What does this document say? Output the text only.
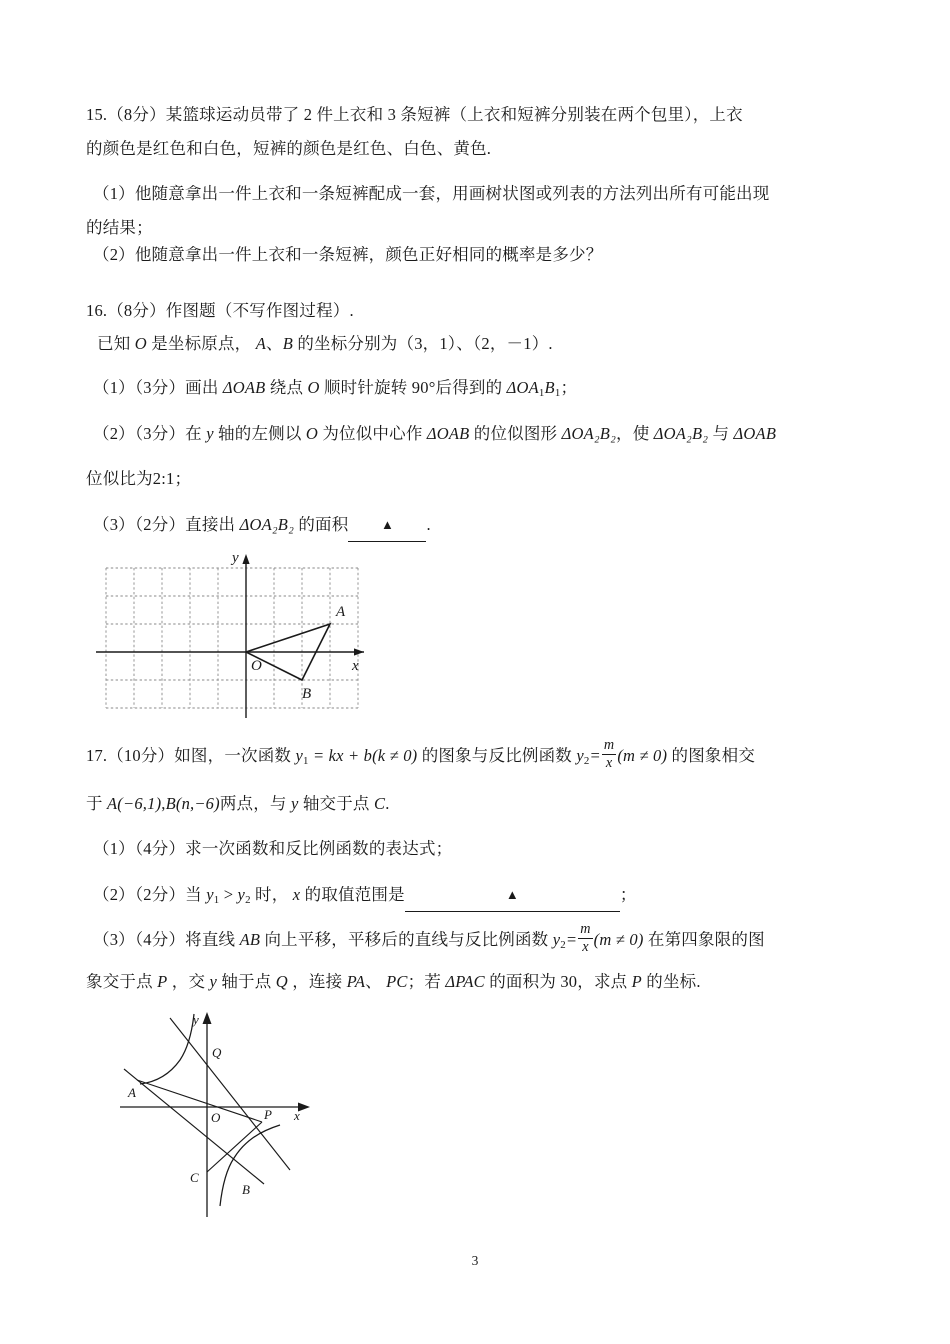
15.（8分）某篮球运动员带了 2 件上衣和 3 条短裤（上衣和短裤分别装在两个包里），上衣
的颜色是红色和白色，短裤的颜色是红色、白色、黄色.
（1）他随意拿出一件上衣和一条短裤配成一套，用画树状图或列表的方法列出所有可能出现
的结果；
（2）他随意拿出一件上衣和一条短裤，颜色正好相同的概率是多少？
16.（8分）作图题（不写作图过程）.
已知 O 是坐标原点， A、B 的坐标分别为（3，1）、（2，－1）.
（1）（3分）画出 ΔOAB 绕点 O 顺时针旋转 90°后得到的 $\Delta OA_1B_1$；
（2）（3分）在 y 轴的左侧以 O 为位似中心作 ΔOAB 的位似图形 ΔOA₂B₂，使 ΔOA₂B₂ 与 ΔOAB
位似比为2:1；
（3）（2分）直接出 ΔOA₂B₂ 的面积	▲ .
O
A
B
x
y
17.（10分）如图，一次函数 $y_1$ = kx + b(k ≠ 0) 的图象与反比例函数 $y_2= \frac{m}{x} (m \ne 0)$ 的图象相交
于 A(−6,1),B(n,−6)两点，与 y 轴交于点 C.
（1）（4分）求一次函数和反比例函数的表达式；
（2）（2分）当 $y_1 > y_2$ 时， x 的取值范围是	▲	；
（3）（4分）将直线 AB 向上平移，平移后的直线与反比例函数 $y_2= \frac{m}{x} (m \ne 0)$ 在第四象限的图
象交于点 P ，交 y 轴于点 Q ，连接 PA、 PC；若 ΔPAC 的面积为 30，求点 P 的坐标.
A
B
C
P
Q
O	x
y
3
